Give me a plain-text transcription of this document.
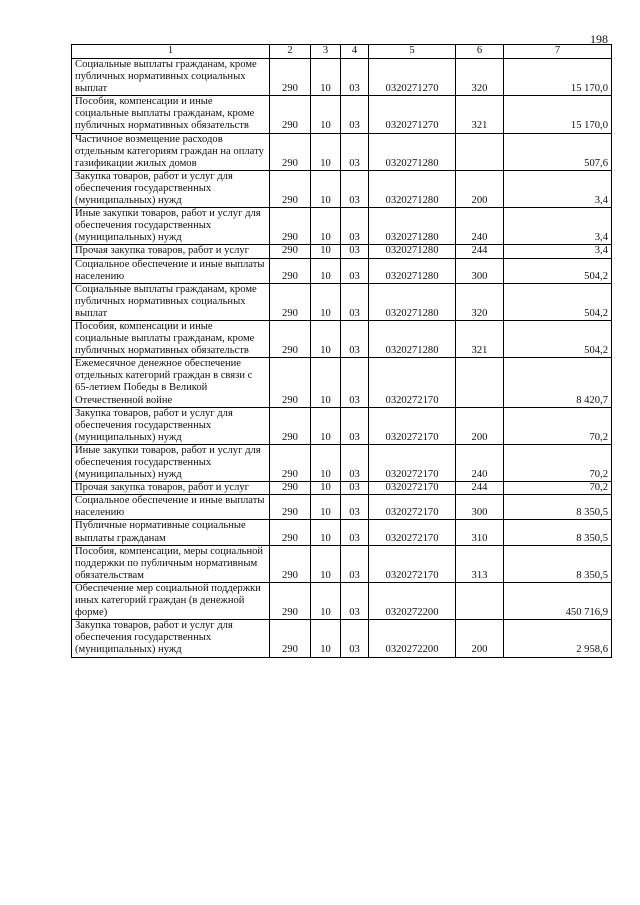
198
1	2	3	4	5	6	7
Социальные выплаты гражданам, кроме публичных нормативных социальных выплат	290	10	03	0320271270	320	15 170,0
Пособия, компенсации и иные социальные выплаты гражданам, кроме публичных нормативных обязательств	290	10	03	0320271270	321	15 170,0
Частичное возмещение расходов отдельным категориям граждан на оплату газификации жилых домов	290	10	03	0320271280		507,6
Закупка товаров, работ и услуг для обеспечения государственных (муниципальных) нужд	290	10	03	0320271280	200	3,4
Иные закупки товаров, работ и услуг для обеспечения государственных (муниципальных) нужд	290	10	03	0320271280	240	3,4
Прочая закупка товаров, работ и услуг	290	10	03	0320271280	244	3,4
Социальное обеспечение и иные выплаты населению	290	10	03	0320271280	300	504,2
Социальные выплаты гражданам, кроме публичных нормативных социальных выплат	290	10	03	0320271280	320	504,2
Пособия, компенсации и иные социальные выплаты гражданам, кроме публичных нормативных обязательств	290	10	03	0320271280	321	504,2
Ежемесячное денежное обеспечение отдельных категорий граждан в связи с 65-летием Победы в Великой Отечественной войне	290	10	03	0320272170		8 420,7
Закупка товаров, работ и услуг для обеспечения государственных (муниципальных) нужд	290	10	03	0320272170	200	70,2
Иные закупки товаров, работ и услуг для обеспечения государственных (муниципальных) нужд	290	10	03	0320272170	240	70,2
Прочая закупка товаров, работ и услуг	290	10	03	0320272170	244	70,2
Социальное обеспечение и иные выплаты населению	290	10	03	0320272170	300	8 350,5
Публичные нормативные социальные выплаты гражданам	290	10	03	0320272170	310	8 350,5
Пособия, компенсации, меры социальной поддержки по публичным нормативным обязательствам	290	10	03	0320272170	313	8 350,5
Обеспечение мер социальной поддержки иных категорий граждан (в денежной форме)	290	10	03	0320272200		450 716,9
Закупка товаров, работ и услуг для обеспечения государственных (муниципальных) нужд	290	10	03	0320272200	200	2 958,6
